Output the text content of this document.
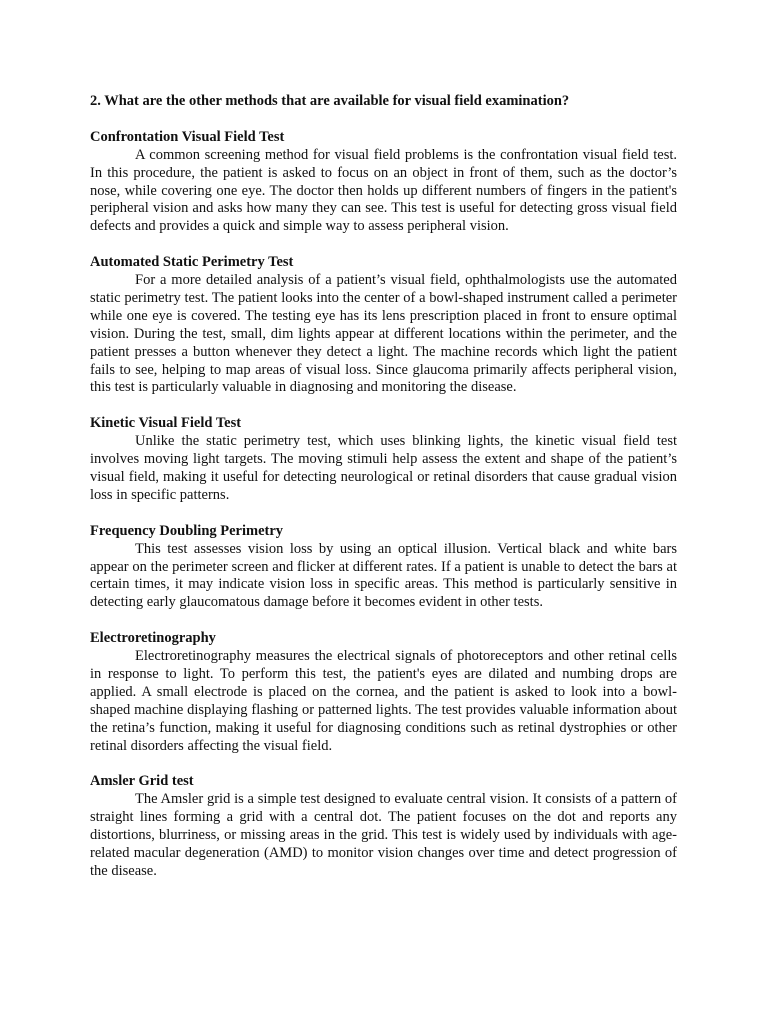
2. What are the other methods that are available for visual field examination?

Confrontation Visual Field Test

A common screening method for visual field problems is the confrontation visual field test. In this procedure, the patient is asked to focus on an object in front of them, such as the doctor’s nose, while covering one eye. The doctor then holds up different numbers of fingers in the patient's peripheral vision and asks how many they can see. This test is useful for detecting gross visual field defects and provides a quick and simple way to assess peripheral vision.

Automated Static Perimetry Test

For a more detailed analysis of a patient’s visual field, ophthalmologists use the automated static perimetry test. The patient looks into the center of a bowl-shaped instrument called a perimeter while one eye is covered. The testing eye has its lens prescription placed in front to ensure optimal vision. During the test, small, dim lights appear at different locations within the perimeter, and the patient presses a button whenever they detect a light. The machine records which light the patient fails to see, helping to map areas of visual loss. Since glaucoma primarily affects peripheral vision, this test is particularly valuable in diagnosing and monitoring the disease.

Kinetic Visual Field Test

Unlike the static perimetry test, which uses blinking lights, the kinetic visual field test involves moving light targets. The moving stimuli help assess the extent and shape of the patient’s visual field, making it useful for detecting neurological or retinal disorders that cause gradual vision loss in specific patterns.

Frequency Doubling Perimetry

This test assesses vision loss by using an optical illusion. Vertical black and white bars appear on the perimeter screen and flicker at different rates. If a patient is unable to detect the bars at certain times, it may indicate vision loss in specific areas. This method is particularly sensitive in detecting early glaucomatous damage before it becomes evident in other tests.

Electroretinography

Electroretinography measures the electrical signals of photoreceptors and other retinal cells in response to light. To perform this test, the patient's eyes are dilated and numbing drops are applied. A small electrode is placed on the cornea, and the patient is asked to look into a bowl-shaped machine displaying flashing or patterned lights. The test provides valuable information about the retina’s function, making it useful for diagnosing conditions such as retinal dystrophies or other retinal disorders affecting the visual field.

Amsler Grid test

The Amsler grid is a simple test designed to evaluate central vision. It consists of a pattern of straight lines forming a grid with a central dot. The patient focuses on the dot and reports any distortions, blurriness, or missing areas in the grid. This test is widely used by individuals with age-related macular degeneration (AMD) to monitor vision changes over time and detect progression of the disease.
